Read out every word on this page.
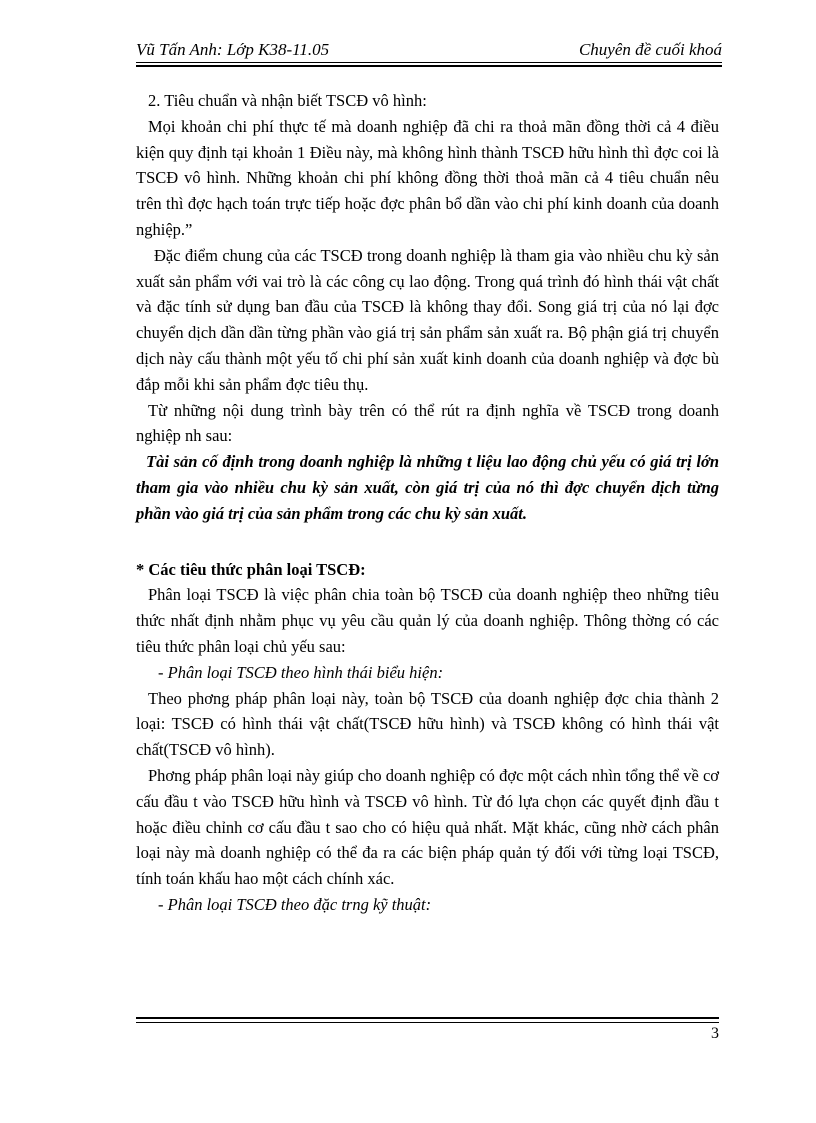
Vũ Tấn Anh: Lớp K38-11.05	Chuyên đề cuối khoá

2. Tiêu chuẩn và nhận biết TSCĐ vô hình:

Mọi khoản chi phí thực tế mà doanh nghiệp đã chi ra thoả mãn đồng thời cả 4 điều kiện quy định tại khoản 1 Điều này, mà không hình thành TSCĐ hữu hình thì đợc coi là TSCĐ vô hình. Những khoản chi phí không đồng thời thoả mãn cả 4 tiêu chuẩn nêu trên thì đợc hạch toán trực tiếp hoặc đợc phân bổ dần vào chi phí kinh doanh của doanh nghiệp.”

Đặc điểm chung của các TSCĐ trong doanh nghiệp là tham gia vào nhiều chu kỳ sản xuất sản phẩm với vai trò là các công cụ lao động. Trong quá trình đó hình thái vật chất và đặc tính sử dụng ban đầu của TSCĐ là không thay đổi. Song giá trị của nó lại đợc chuyển dịch dần dần từng phần vào giá trị sản phẩm sản xuất ra. Bộ phận giá trị chuyển dịch này cấu thành một yếu tố chi phí sản xuất kinh doanh của doanh nghiệp và đợc bù đắp mỗi khi sản phẩm đợc tiêu thụ.

Từ những nội dung trình bày trên có thể rút ra định nghĩa về TSCĐ trong doanh nghiệp nh sau:

Tài sản cố định trong doanh nghiệp là những t liệu lao động chủ yếu có giá trị lớn tham gia vào nhiều chu kỳ sản xuất, còn giá trị của nó thì đợc chuyển dịch từng phần vào giá trị của sản phẩm trong các chu kỳ sản xuất.

* Các tiêu thức phân loại TSCĐ:

Phân loại TSCĐ là việc phân chia toàn bộ TSCĐ của doanh nghiệp theo những tiêu thức nhất định nhằm phục vụ yêu cầu quản lý của doanh nghiệp. Thông thờng có các tiêu thức phân loại chủ yếu sau:

- Phân loại TSCĐ theo hình thái biểu hiện:

Theo phơng pháp phân loại này, toàn bộ TSCĐ của doanh nghiệp đợc chia thành 2 loại: TSCĐ có hình thái vật chất(TSCĐ hữu hình) và TSCĐ không có hình thái vật chất(TSCĐ vô hình).

Phơng pháp phân loại này giúp cho doanh nghiệp có đợc một cách nhìn tổng thể về cơ cấu đầu t vào TSCĐ hữu hình và TSCĐ vô hình. Từ đó lựa chọn các quyết định đầu t hoặc điều chỉnh cơ cấu đầu t sao cho có hiệu quả nhất. Mặt khác, cũng nhờ cách phân loại này mà doanh nghiệp có thể đa ra các biện pháp quản tý đối với từng loại TSCĐ, tính toán khấu hao một cách chính xác.

- Phân loại TSCĐ theo đặc trng kỹ thuật:

3
